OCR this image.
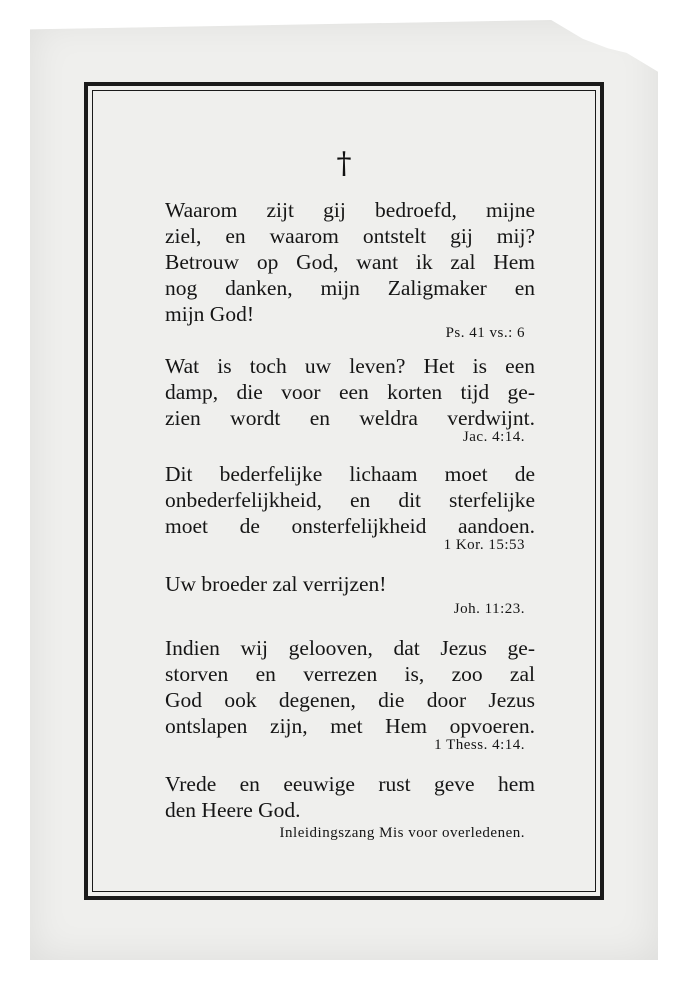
†
Waarom zijt gij bedroefd, mijne
ziel, en waarom ontstelt gij mij?
Betrouw op God, want ik zal Hem
nog danken, mijn Zaligmaker en
mijn God!
Ps. 41 vs.: 6
Wat is toch uw leven? Het is een
damp, die voor een korten tijd ge-
zien wordt en weldra verdwijnt.
Jac. 4:14.
Dit bederfelijke lichaam moet de
onbederfelijkheid, en dit sterfelijke
moet de onsterfelijkheid aandoen.
1 Kor. 15:53
Uw broeder zal verrijzen!
Joh. 11:23.
Indien wij gelooven, dat Jezus ge-
storven en verrezen is, zoo zal
God ook degenen, die door Jezus
ontslapen zijn, met Hem opvoeren.
1 Thess. 4:14.
Vrede en eeuwige rust geve hem
den Heere God.
Inleidingszang Mis voor overledenen.
